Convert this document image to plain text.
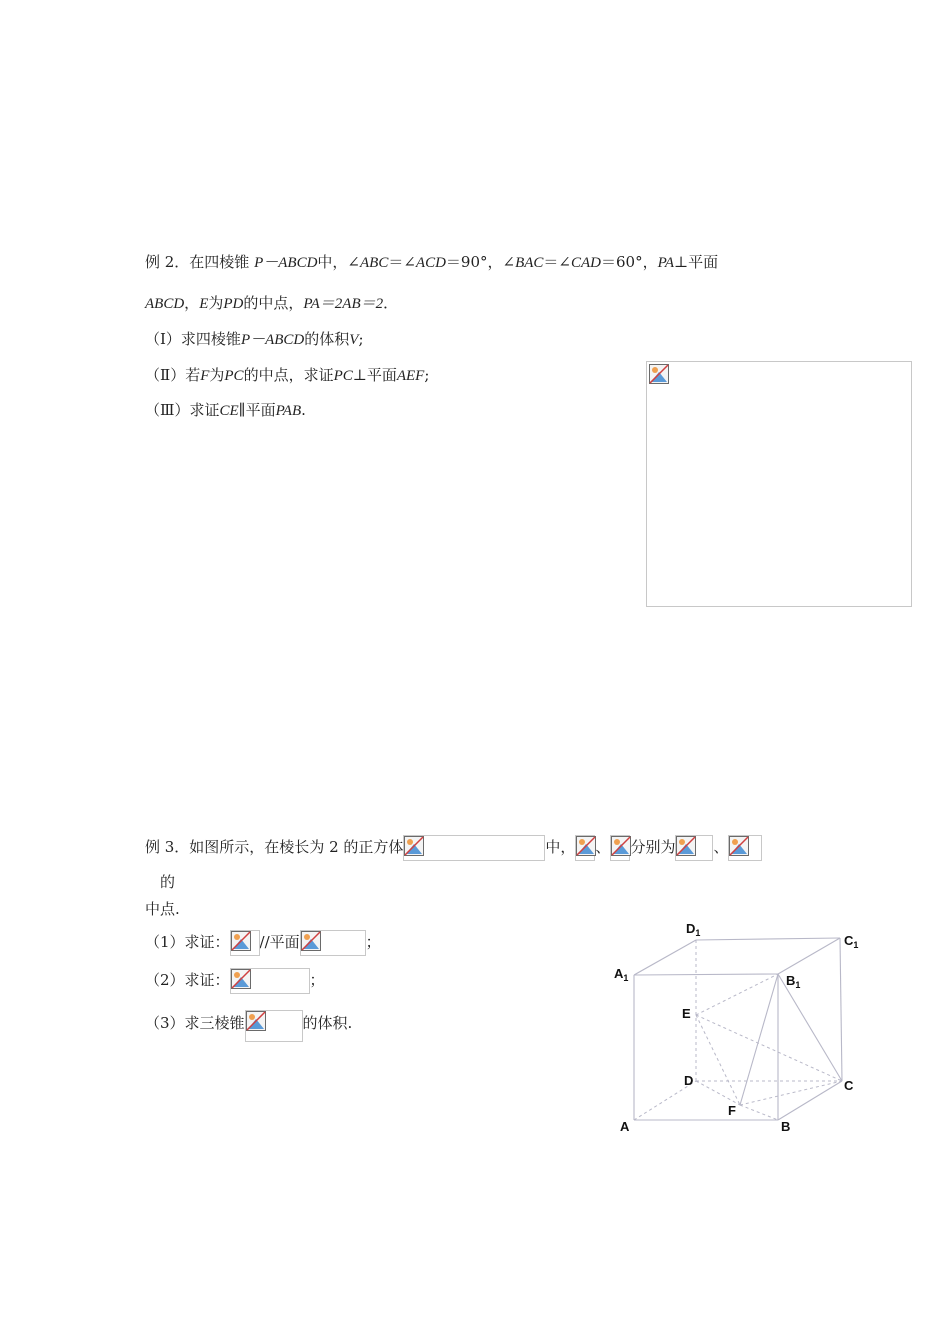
例 2．在四棱锥 P－ABCD中，∠ABC＝∠ACD＝90°，∠BAC＝∠CAD＝60°，PA⊥平面
ABCD，E为PD的中点，PA＝2AB＝2．
（Ⅰ）求四棱锥P－ABCD的体积V;
（Ⅱ）若F为PC的中点，求证PC⊥平面AEF;
（Ⅲ）求证CE∥平面PAB.
例 3．如图所示，在棱长为 2 的正方体	中， 、 分别为	、
的
中点.
（1）求证： //平面	；
（2）求证：	；
（3）求三棱锥	的体积.
$D_1$	$C_1$
$A_1$	$B_1$
E
D	C
F
A	B
